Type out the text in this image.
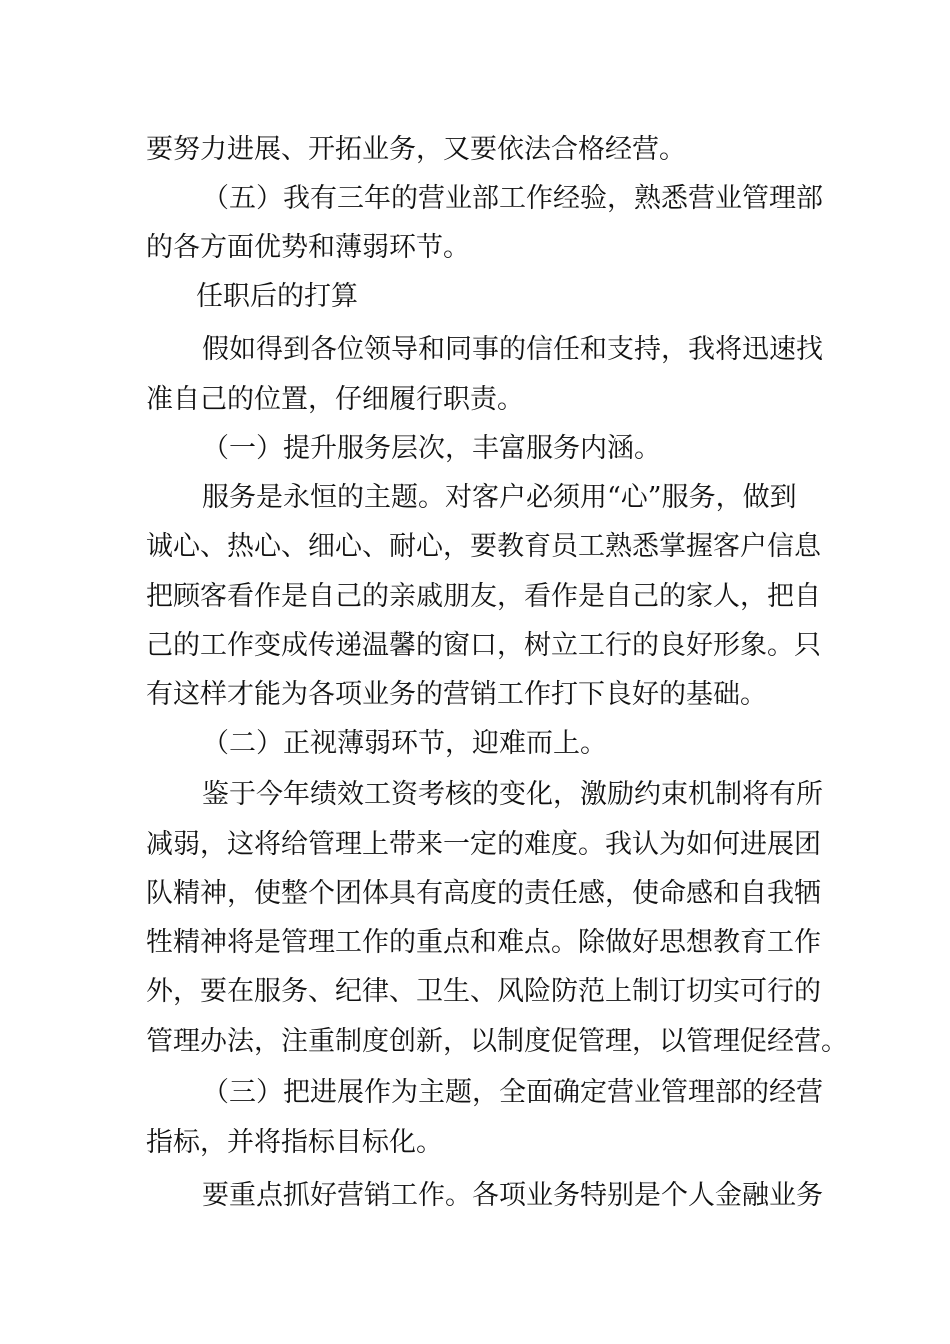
要努力进展、开拓业务，又要依法合格经营。
（五）我有三年的营业部工作经验，熟悉营业管理部
的各方面优势和薄弱环节。
任职后的打算
假如得到各位领导和同事的信任和支持，我将迅速找
准自己的位置，仔细履行职责。
（一）提升服务层次，丰富服务内涵。
服务是永恒的主题。对客户必须用“心”服务，做到
诚心、热心、细心、耐心，要教育员工熟悉掌握客户信息
把顾客看作是自己的亲戚朋友，看作是自己的家人，把自
己的工作变成传递温馨的窗口，树立工行的良好形象。只
有这样才能为各项业务的营销工作打下良好的基础。
（二）正视薄弱环节，迎难而上。
鉴于今年绩效工资考核的变化，激励约束机制将有所
减弱，这将给管理上带来一定的难度。我认为如何进展团
队精神，使整个团体具有高度的责任感，使命感和自我牺
牲精神将是管理工作的重点和难点。除做好思想教育工作
外，要在服务、纪律、卫生、风险防范上制订切实可行的
管理办法，注重制度创新，以制度促管理，以管理促经营。
（三）把进展作为主题，全面确定营业管理部的经营
指标，并将指标目标化。
要重点抓好营销工作。各项业务特别是个人金融业务
